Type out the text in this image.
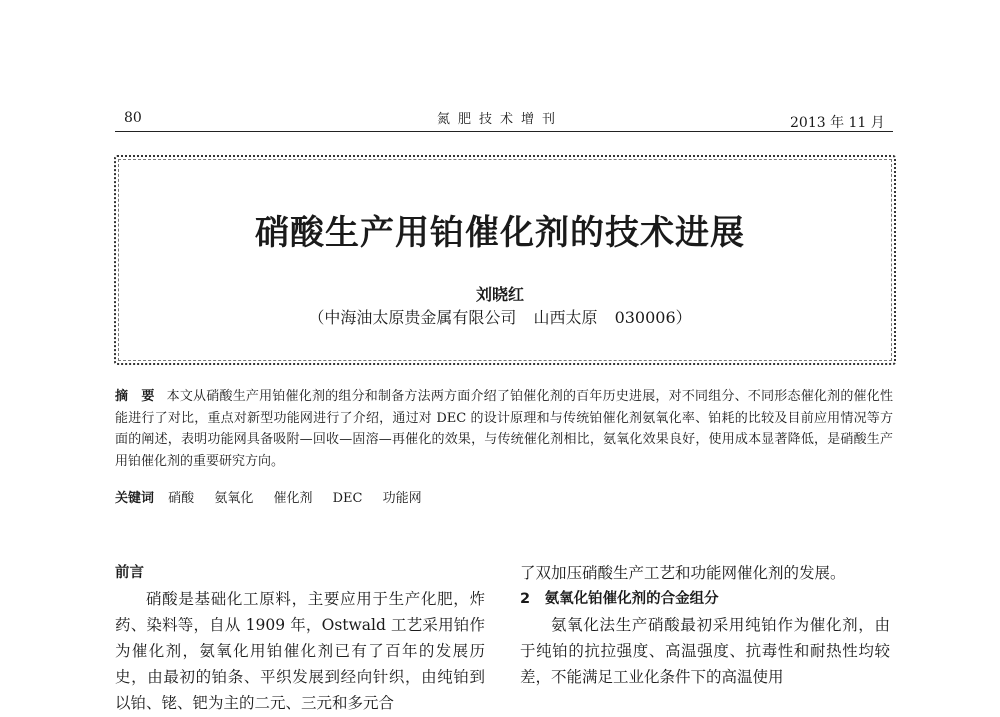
80	氮肥技术增刊	2013 年 11 月
硝酸生产用铂催化剂的技术进展
刘晓红
（中海油太原贵金属有限公司 山西太原 030006）
摘　要 本文从硝酸生产用铂催化剂的组分和制备方法两方面介绍了铂催化剂的百年历史进展，对不同组分、不同形态催化剂的催化性能进行了对比，重点对新型功能网进行了介绍，通过对 DEC 的设计原理和与传统铂催化剂氨氧化率、铂耗的比较及目前应用情况等方面的阐述，表明功能网具备吸附—回收—固溶—再催化的效果，与传统催化剂相比，氨氧化效果良好，使用成本显著降低，是硝酸生产用铂催化剂的重要研究方向。
关键词 硝酸 氨氧化 催化剂 DEC 功能网
前言

硝酸是基础化工原料，主要应用于生产化肥，炸药、染料等，自从 1909 年，Ostwald 工艺采用铂作为催化剂，氨氧化用铂催化剂已有了百年的发展历史，由最初的铂条、平织发展到经向针织，由纯铂到以铂、铑、钯为主的二元、三元和多元合

了双加压硝酸生产工艺和功能网催化剂的发展。

2　氨氧化铂催化剂的合金组分

氨氧化法生产硝酸最初采用纯铂作为催化剂，由于纯铂的抗拉强度、高温强度、抗毒性和耐热性均较差，不能满足工业化条件下的高温使用
